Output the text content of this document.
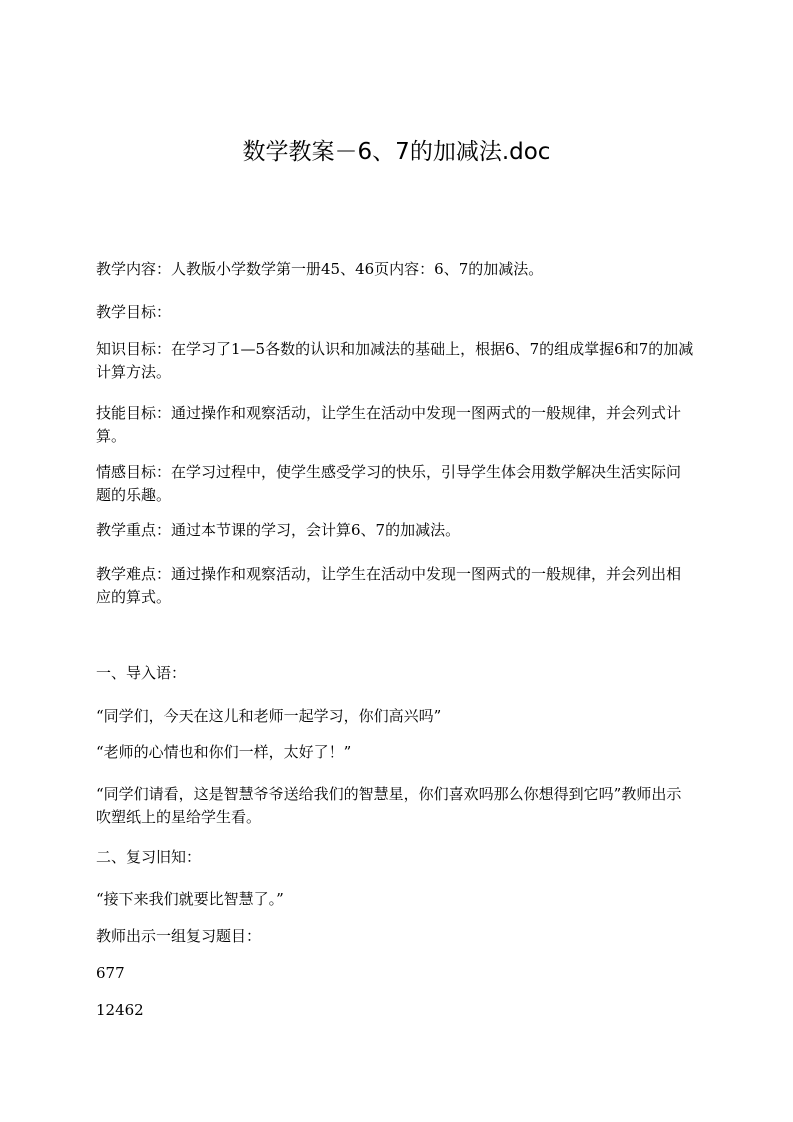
数学教案－6、7的加减法.doc

教学内容：人教版小学数学第一册45、46页内容：6、7的加减法。

教学目标：

知识目标：在学习了1—5各数的认识和加减法的基础上，根据6、7的组成掌握6和7的加减计算方法。

技能目标：通过操作和观察活动，让学生在活动中发现一图两式的一般规律，并会列式计算。

情感目标：在学习过程中，使学生感受学习的快乐，引导学生体会用数学解决生活实际问题的乐趣。

教学重点：通过本节课的学习，会计算6、7的加减法。

教学难点：通过操作和观察活动，让学生在活动中发现一图两式的一般规律，并会列出相应的算式。

一、导入语：

“同学们，今天在这儿和老师一起学习，你们高兴吗”

“老师的心情也和你们一样，太好了！”

“同学们请看，这是智慧爷爷送给我们的智慧星，你们喜欢吗那么你想得到它吗”教师出示吹塑纸上的星给学生看。

二、复习旧知：

“接下来我们就要比智慧了。”

教师出示一组复习题目：

677

12462
